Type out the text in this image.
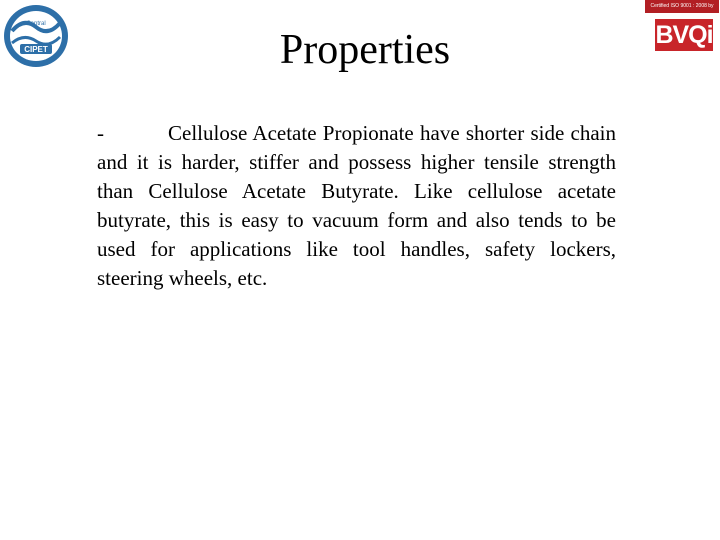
Central
CIPET
Certified ISO 9001 : 2008 by
BVQi
Properties
-	Cellulose Acetate Propionate have shorter side chain and it is harder, stiffer and possess higher tensile strength than Cellulose Acetate Butyrate. Like cellulose acetate butyrate, this is easy to vacuum form and also tends to be used for applications like tool handles, safety lockers, steering wheels, etc.
